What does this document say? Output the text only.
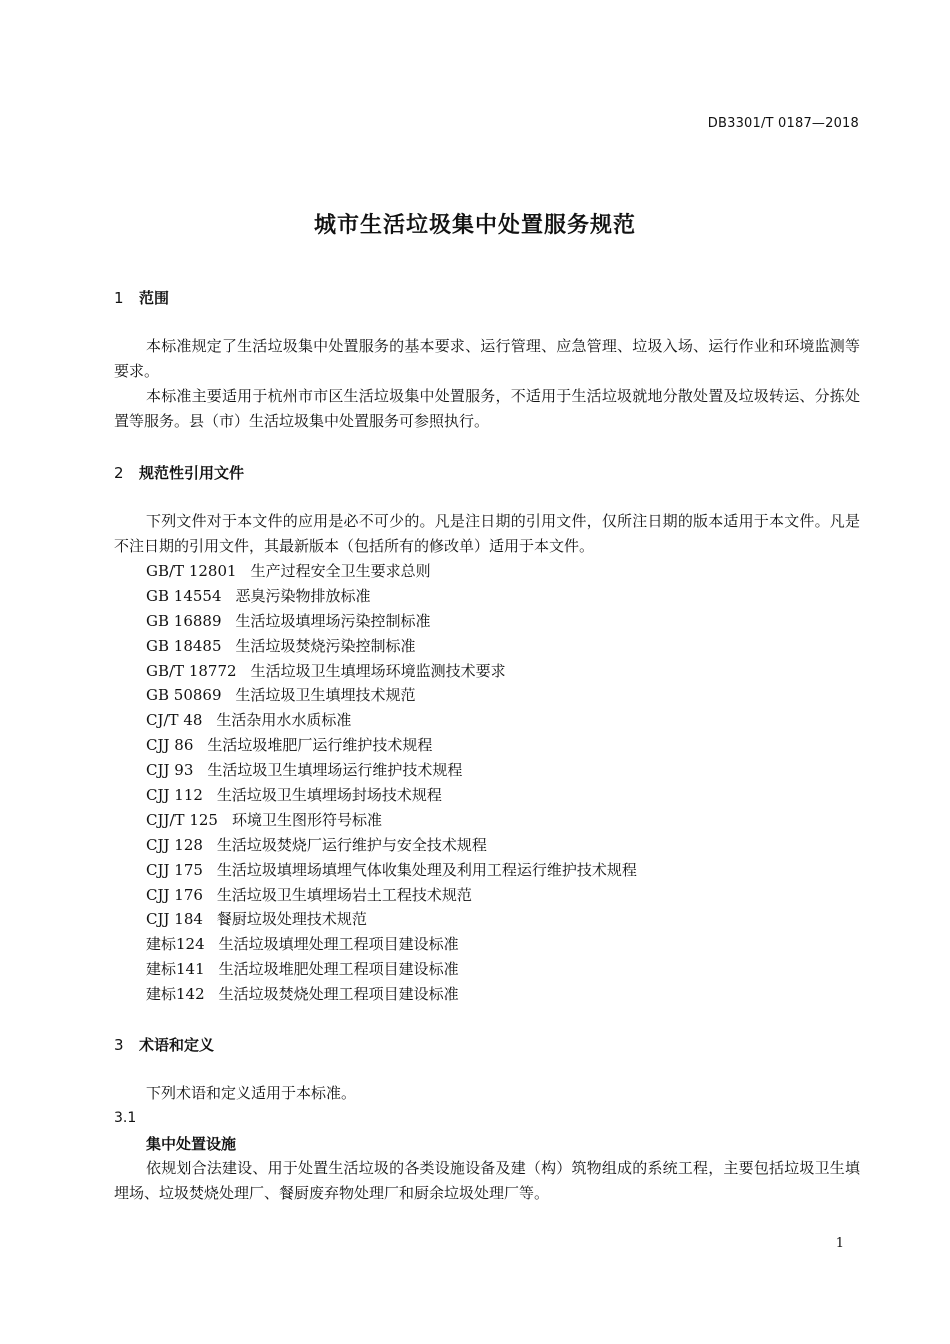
DB3301/T 0187—2018
城市生活垃圾集中处置服务规范
1 范围
本标准规定了生活垃圾集中处置服务的基本要求、运行管理、应急管理、垃圾入场、运行作业和环境监测等要求。
本标准主要适用于杭州市市区生活垃圾集中处置服务，不适用于生活垃圾就地分散处置及垃圾转运、分拣处置等服务。县（市）生活垃圾集中处置服务可参照执行。
2 规范性引用文件
下列文件对于本文件的应用是必不可少的。凡是注日期的引用文件，仅所注日期的版本适用于本文件。凡是不注日期的引用文件，其最新版本（包括所有的修改单）适用于本文件。
GB/T 12801 生产过程安全卫生要求总则
GB 14554 恶臭污染物排放标准
GB 16889 生活垃圾填埋场污染控制标准
GB 18485 生活垃圾焚烧污染控制标准
GB/T 18772 生活垃圾卫生填埋场环境监测技术要求
GB 50869 生活垃圾卫生填埋技术规范
CJ/T 48 生活杂用水水质标准
CJJ 86 生活垃圾堆肥厂运行维护技术规程
CJJ 93 生活垃圾卫生填埋场运行维护技术规程
CJJ 112 生活垃圾卫生填埋场封场技术规程
CJJ/T 125 环境卫生图形符号标准
CJJ 128 生活垃圾焚烧厂运行维护与安全技术规程
CJJ 175 生活垃圾填埋场填埋气体收集处理及利用工程运行维护技术规程
CJJ 176 生活垃圾卫生填埋场岩土工程技术规范
CJJ 184 餐厨垃圾处理技术规范
建标124 生活垃圾填埋处理工程项目建设标准
建标141 生活垃圾堆肥处理工程项目建设标准
建标142 生活垃圾焚烧处理工程项目建设标准
3 术语和定义
下列术语和定义适用于本标准。
3.1
集中处置设施
依规划合法建设、用于处置生活垃圾的各类设施设备及建（构）筑物组成的系统工程，主要包括垃圾卫生填埋场、垃圾焚烧处理厂、餐厨废弃物处理厂和厨余垃圾处理厂等。
1
